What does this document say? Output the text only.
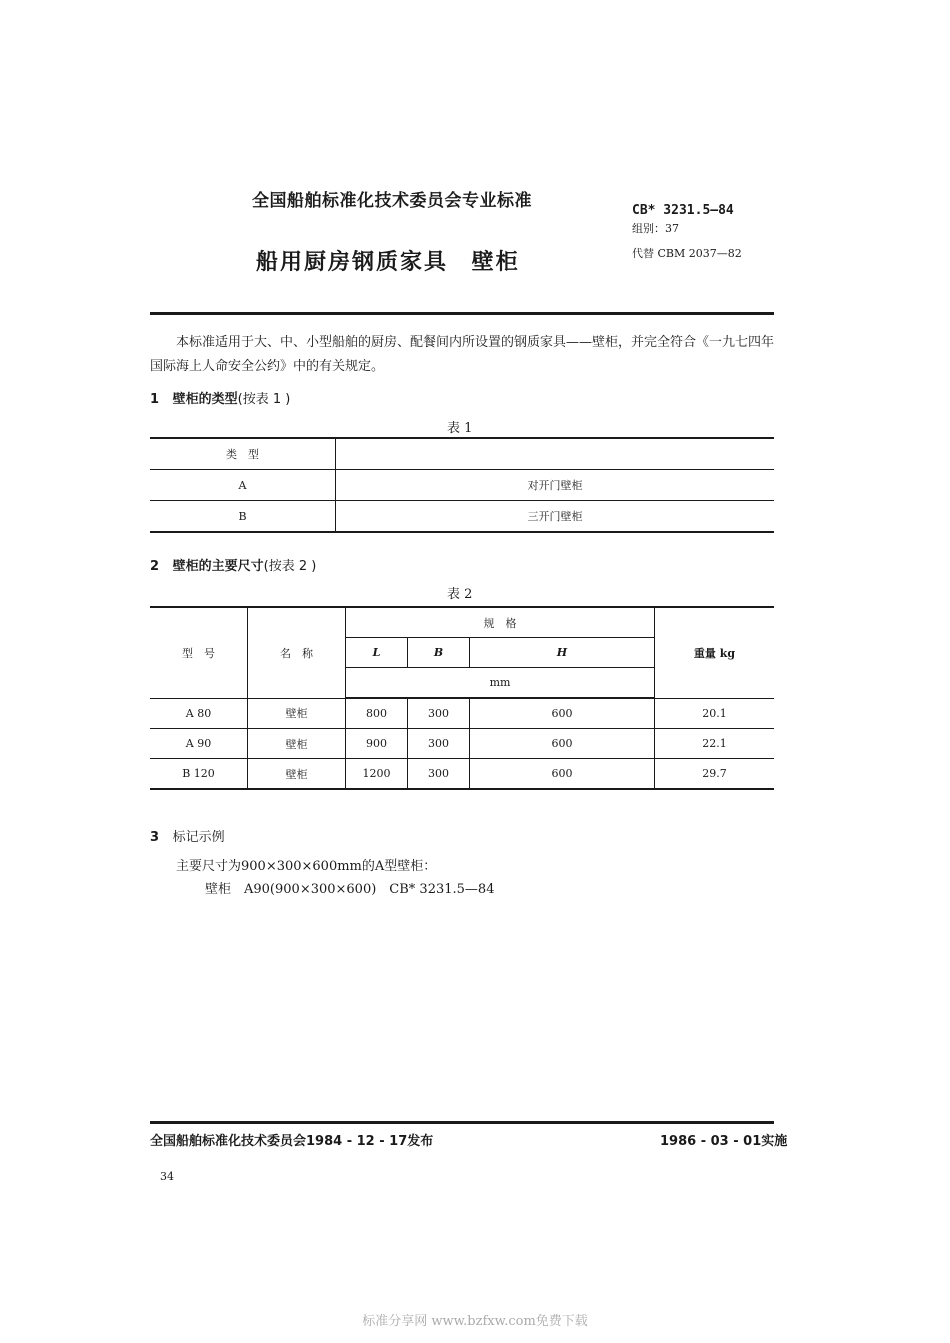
全国船舶标准化技术委员会专业标准
船用厨房钢质家具 壁柜
CB* 3231.5—84
组别：37
代替 CBM 2037—82
本标准适用于大、中、小型船舶的厨房、配餐间内所设置的钢质家具——壁柜，并完全符合《一九七四年国际海上人命安全公约》中的有关规定。
1 壁柜的类型(按表 1 )
表 1
类　型	
A	对开门壁柜
B	三开门壁柜
2 壁柜的主要尺寸(按表 2 )
表 2
型　号	名　称	规　格			重量 kg
		L	B	H	
		mm			
A 80	壁柜	800	300	600	20.1
A 90	壁柜	900	300	600	22.1
B 120	壁柜	1200	300	600	29.7
3 标记示例
主要尺寸为900×300×600mm的A型壁柜：
壁柜　A90(900×300×600)　CB* 3231.5—84
全国船舶标准化技术委员会1984 - 12 - 17发布	1986 - 03 - 01实施
34
标准分享网 www.bzfxw.com免费下载
